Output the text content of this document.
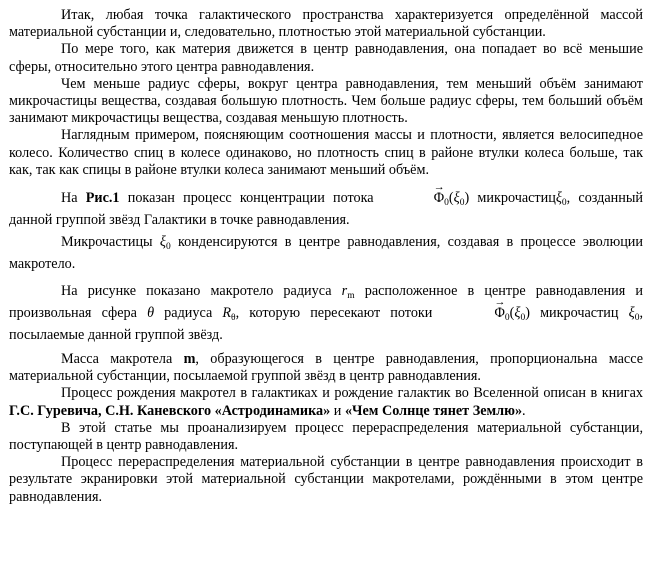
Итак, любая точка галактического пространства характеризуется определённой массой материальной субстанции и, следовательно, плотностью этой материальной субстанции.

По мере того, как материя движется в центр равнодавления, она попадает во всё меньшие сферы, относительно этого центра равнодавления.

Чем меньше радиус сферы, вокруг центра равнодавления, тем меньший объём занимают микрочастицы вещества, создавая большую плотность. Чем больше радиус сферы, тем больший объём занимают микрочастицы вещества, создавая меньшую плотность.

Наглядным примером, поясняющим соотношения массы и плотности, является велосипедное колесо. Количество спиц в колесе одинаково, но плотность спиц в районе втулки колеса больше, так как, так как спицы в районе втулки колеса занимают меньший объём.

На Рис.1 показан процесс концентрации потока	→ $\Phi_0(\xi_0)$ микрочастицξ$_0$, созданный данной группой звёзд Галактики в точке равнодавления.

Микрочастицы $\xi_0$ конденсируются в центре равнодавления, создавая в процессе эволюции макротело.

На рисунке показано макротело радиуса $r_m$ расположенное в центре равнодавления и произвольная сфера θ радиуса $R_\theta$, которую пересекают потоки	→ $\Phi_0(\xi_0)$ микрочастиц $\xi_0$, посылаемые данной группой звёзд.

Масса макротела m, образующегося в центре равнодавления, пропорциональна массе материальной субстанции, посылаемой группой звёзд в центр равнодавления.

Процесс рождения макротел в галактиках и рождение галактик во Вселенной описан в книгах Г.С. Гуревича, С.Н. Каневского «Астродинамика» и «Чем Солнце тянет Землю».

В этой статье мы проанализируем процесс перераспределения материальной субстанции, поступающей в центр равнодавления.

Процесс перераспределения материальной субстанции в центре равнодавления происходит в результате экранировки этой материальной субстанции макротелами, рождёнными в этом центре равнодавления.
